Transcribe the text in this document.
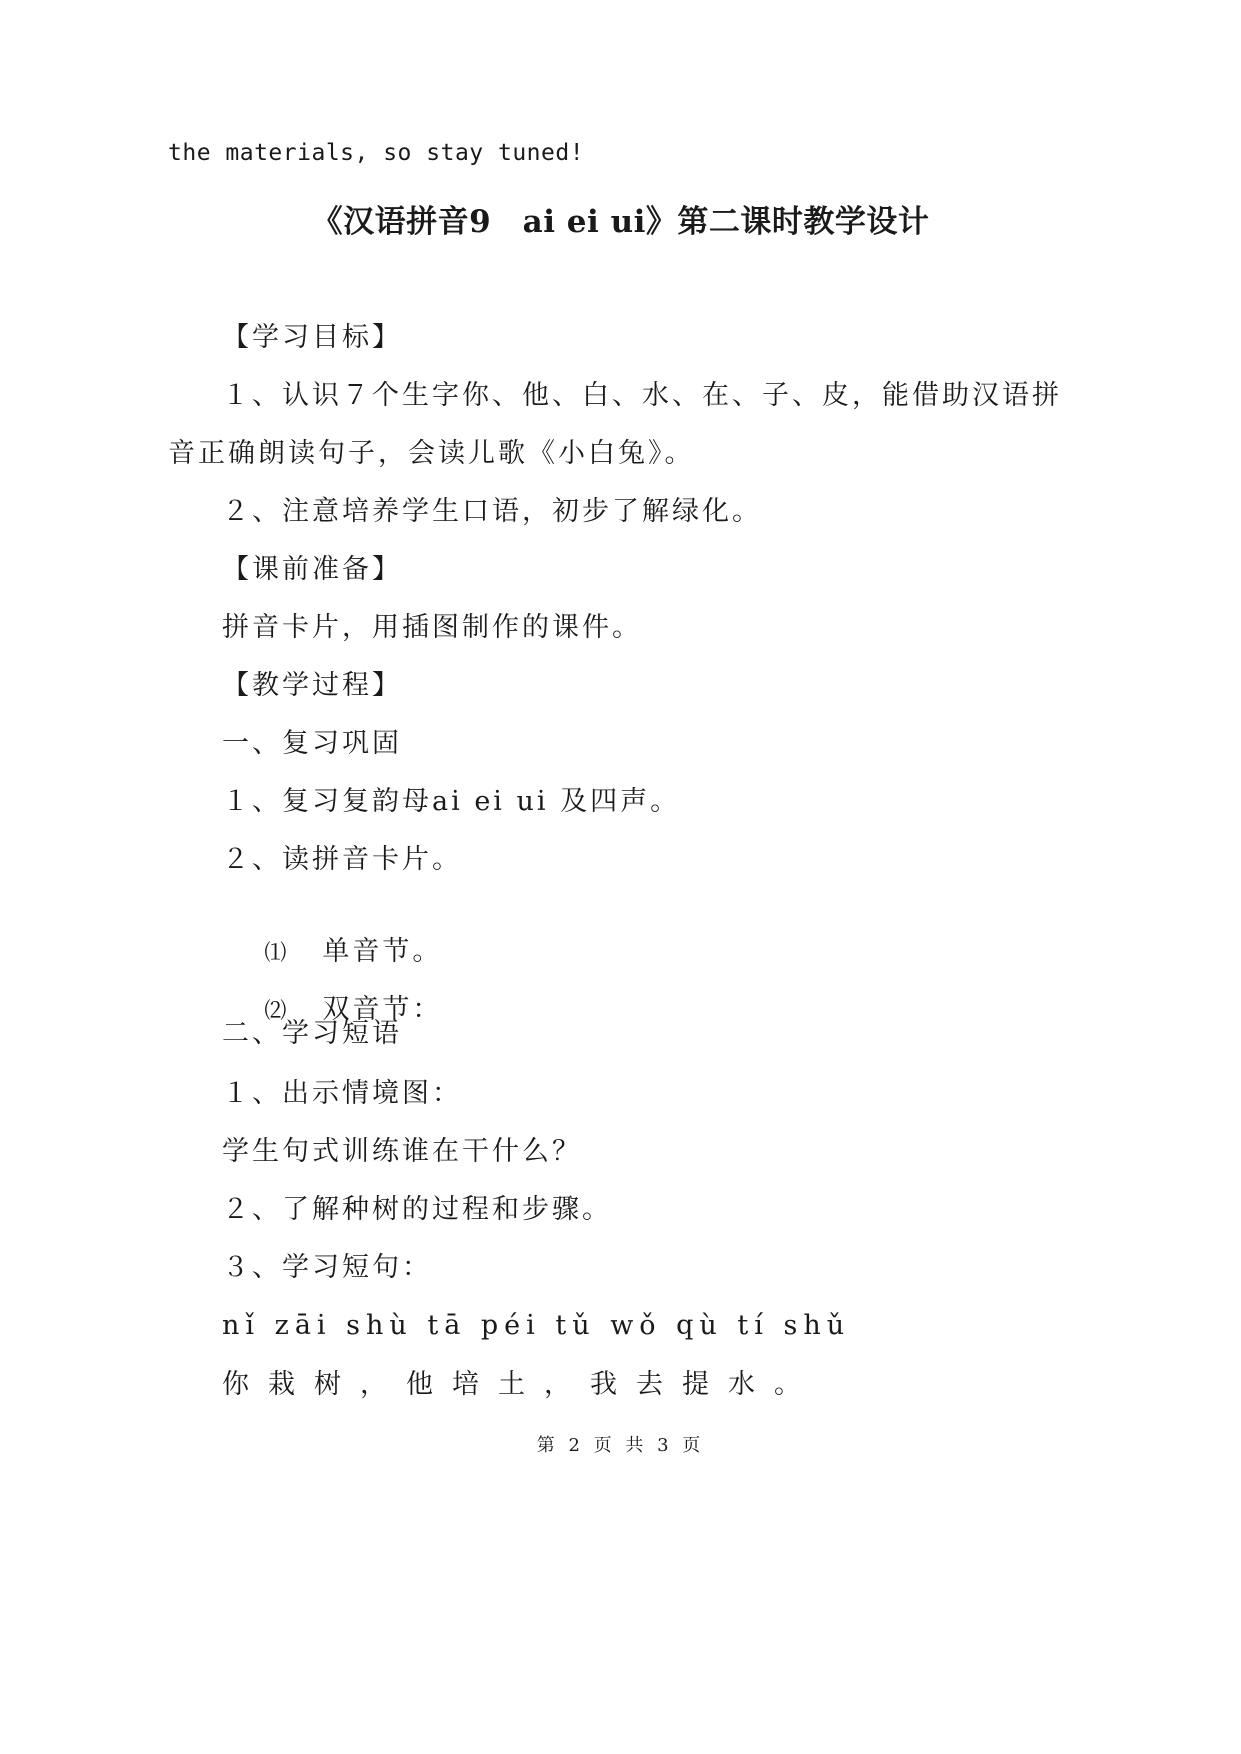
the materials, so stay tuned!
《汉语拼音9　ai ei ui》第二课时教学设计
【学习目标】
１、认识７个生字你、他、白、水、在、子、皮，能借助汉语拼
音正确朗读句子，会读儿歌《小白兔》。
２、注意培养学生口语，初步了解绿化。
【课前准备】
拼音卡片，用插图制作的课件。
【教学过程】
一、复习巩固
１、复习复韵母ai ei ui 及四声。
２、读拼音卡片。

⑴ 单音节。

⑵ 双音节：

二、学习短语
１、出示情境图：
学生句式训练谁在干什么？
２、了解种树的过程和步骤。
３、学习短句：
nǐ zāi shù tā péi tǔ wǒ qù tí shǔ
你栽树，他培土，我去提水。
第 2 页 共 3 页
